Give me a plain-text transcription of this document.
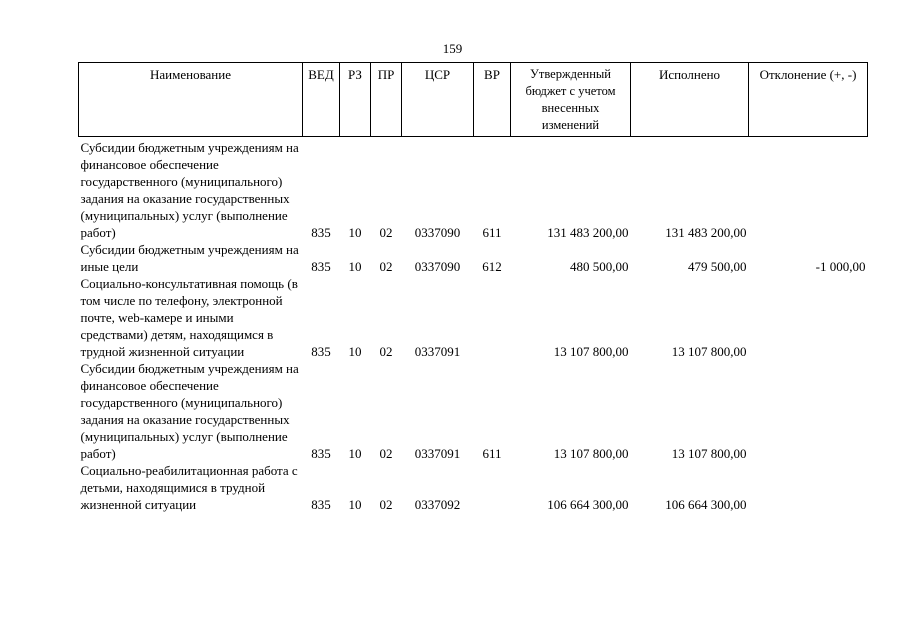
159
Наименование	ВЕД	РЗ	ПР	ЦСР	ВР	Утвержденный бюджет с учетом внесенных изменений	Исполнено	Отклонение (+, -)
Субсидии бюджетным учреждениям на финансовое обеспечение государственного (муниципального) задания на оказание государственных (муниципальных) услуг (выполнение работ)	835	10	02	0337090	611	131 483 200,00	131 483 200,00	
Субсидии бюджетным учреждениям на иные цели	835	10	02	0337090	612	480 500,00	479 500,00	-1 000,00
Социально-консультативная помощь (в том числе по телефону, электронной почте, web-камере и иными средствами) детям, находящимся в трудной жизненной ситуации	835	10	02	0337091		13 107 800,00	13 107 800,00	
Субсидии бюджетным учреждениям на финансовое обеспечение государственного (муниципального) задания на оказание государственных (муниципальных) услуг (выполнение работ)	835	10	02	0337091	611	13 107 800,00	13 107 800,00	
Социально-реабилитационная работа с детьми, находящимися в трудной жизненной ситуации	835	10	02	0337092		106 664 300,00	106 664 300,00	
